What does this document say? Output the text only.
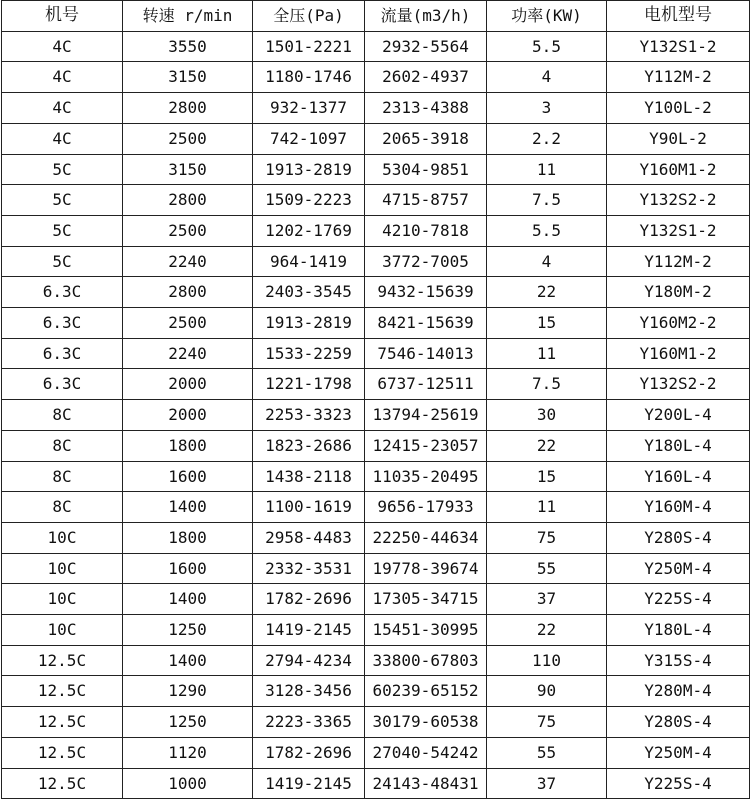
机号	转速 r/min	全压(Pa)	流量(m3/h)	功率(KW)	电机型号
4C	3550	1501-2221	2932-5564	5.5	Y132S1-2
4C	3150	1180-1746	2602-4937	4	Y112M-2
4C	2800	932-1377	2313-4388	3	Y100L-2
4C	2500	742-1097	2065-3918	2.2	Y90L-2
5C	3150	1913-2819	5304-9851	11	Y160M1-2
5C	2800	1509-2223	4715-8757	7.5	Y132S2-2
5C	2500	1202-1769	4210-7818	5.5	Y132S1-2
5C	2240	964-1419	3772-7005	4	Y112M-2
6.3C	2800	2403-3545	9432-15639	22	Y180M-2
6.3C	2500	1913-2819	8421-15639	15	Y160M2-2
6.3C	2240	1533-2259	7546-14013	11	Y160M1-2
6.3C	2000	1221-1798	6737-12511	7.5	Y132S2-2
8C	2000	2253-3323	13794-25619	30	Y200L-4
8C	1800	1823-2686	12415-23057	22	Y180L-4
8C	1600	1438-2118	11035-20495	15	Y160L-4
8C	1400	1100-1619	9656-17933	11	Y160M-4
10C	1800	2958-4483	22250-44634	75	Y280S-4
10C	1600	2332-3531	19778-39674	55	Y250M-4
10C	1400	1782-2696	17305-34715	37	Y225S-4
10C	1250	1419-2145	15451-30995	22	Y180L-4
12.5C	1400	2794-4234	33800-67803	110	Y315S-4
12.5C	1290	3128-3456	60239-65152	90	Y280M-4
12.5C	1250	2223-3365	30179-60538	75	Y280S-4
12.5C	1120	1782-2696	27040-54242	55	Y250M-4
12.5C	1000	1419-2145	24143-48431	37	Y225S-4
